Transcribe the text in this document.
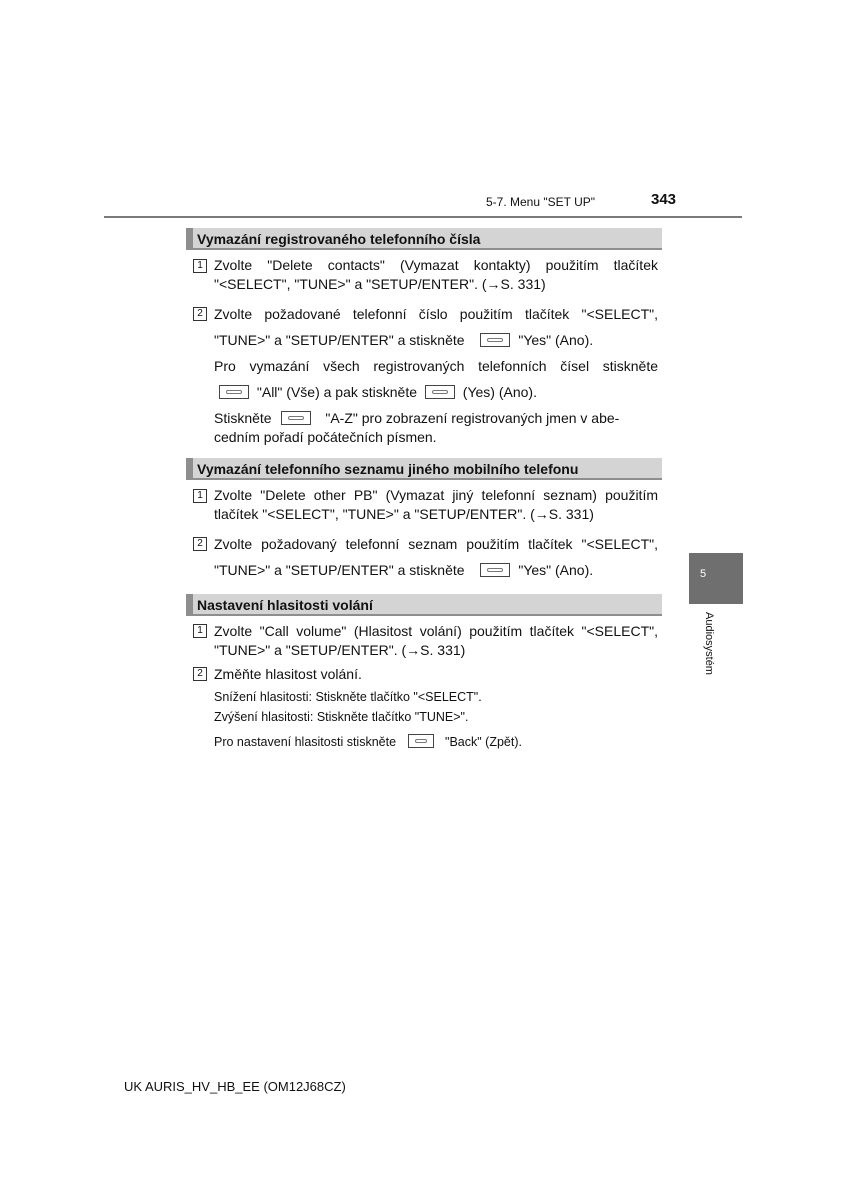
5-7. Menu "SET UP"	343
Vymazání registrovaného telefonního čísla
1 Zvolte "Delete contacts" (Vymazat kontakty) použitím tlačítek
"<SELECT", "TUNE>" a "SETUP/ENTER". (→S. 331)
2 Zvolte požadované telefonní číslo použitím tlačítek "<SELECT",
"TUNE>" a "SETUP/ENTER" a stiskněte	"Yes" (Ano).
Pro vymazání všech registrovaných telefonních čísel stiskněte
"All" (Vše) a pak stiskněte	(Yes) (Ano).
Stiskněte	"A-Z" pro zobrazení registrovaných jmen v abe-
cedním pořadí počátečních písmen.
Vymazání telefonního seznamu jiného mobilního telefonu
1 Zvolte "Delete other PB" (Vymazat jiný telefonní seznam) použitím
tlačítek "<SELECT", "TUNE>" a "SETUP/ENTER". (→S. 331)
2 Zvolte požadovaný telefonní seznam použitím tlačítek "<SELECT",
"TUNE>" a "SETUP/ENTER" a stiskněte	"Yes" (Ano).
Nastavení hlasitosti volání
1 Zvolte "Call volume" (Hlasitost volání) použitím tlačítek "<SELECT",
"TUNE>" a "SETUP/ENTER". (→S. 331)
2 Změňte hlasitost volání.
Snížení hlasitosti: Stiskněte tlačítko "<SELECT".
Zvýšení hlasitosti: Stiskněte tlačítko "TUNE>".
Pro nastavení hlasitosti stiskněte	"Back" (Zpět).
5
Audiosystém
UK AURIS_HV_HB_EE (OM12J68CZ)
